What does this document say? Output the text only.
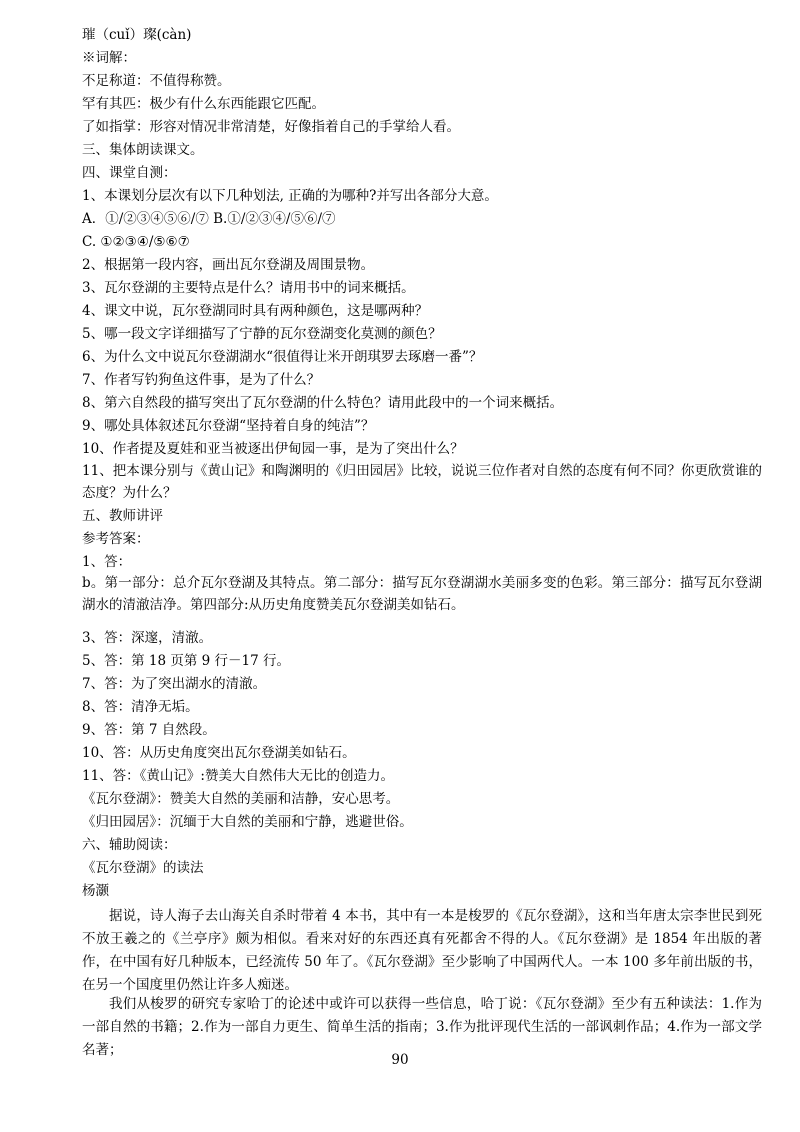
璀（cuǐ）璨(càn)
※词解：
不足称道：不值得称赞。
罕有其匹：极少有什么东西能跟它匹配。
了如指掌：形容对情况非常清楚，好像指着自己的手掌给人看。
三、集体朗读课文。
四、课堂自测：
1、本课划分层次有以下几种划法, 正确的为哪种?并写出各部分大意。
A．①/②③④⑤⑥/⑦ B.①/②③④/⑤⑥/⑦
C. ①②③④/⑤⑥⑦
2、根据第一段内容，画出瓦尔登湖及周围景物。
3、瓦尔登湖的主要特点是什么？请用书中的词来概括。
4、课文中说，瓦尔登湖同时具有两种颜色，这是哪两种？
5、哪一段文字详细描写了宁静的瓦尔登湖变化莫测的颜色？
6、为什么文中说瓦尔登湖湖水“很值得让米开朗琪罗去琢磨一番”？
7、作者写钓狗鱼这件事，是为了什么？
8、第六自然段的描写突出了瓦尔登湖的什么特色？请用此段中的一个词来概括。
9、哪处具体叙述瓦尔登湖“坚持着自身的纯洁”？
10、作者提及夏娃和亚当被逐出伊甸园一事，是为了突出什么？
11、把本课分别与《黄山记》和陶渊明的《归田园居》比较，说说三位作者对自然的态度有何不同？你更欣赏谁的态度？为什么？
五、教师讲评
参考答案：
1、答：
b。第一部分：总介瓦尔登湖及其特点。第二部分：描写瓦尔登湖湖水美丽多变的色彩。第三部分：描写瓦尔登湖湖水的清澈洁净。第四部分:从历史角度赞美瓦尔登湖美如钻石。
3、答：深邃，清澈。
5、答：第 18 页第 9 行－17 行。
7、答：为了突出湖水的清澈。
8、答：清净无垢。
9、答：第 7 自然段。
10、答：从历史角度突出瓦尔登湖美如钻石。
11、答：《黄山记》:赞美大自然伟大无比的创造力。
《瓦尔登湖》：赞美大自然的美丽和洁静，安心思考。
《归田园居》：沉缅于大自然的美丽和宁静，逃避世俗。
六、辅助阅读：
《瓦尔登湖》的读法
杨灏
据说，诗人海子去山海关自杀时带着 4 本书，其中有一本是梭罗的《瓦尔登湖》，这和当年唐太宗李世民到死不放王羲之的《兰亭序》颇为相似。看来对好的东西还真有死都舍不得的人。《瓦尔登湖》是 1854 年出版的著作，在中国有好几种版本，已经流传 50 年了。《瓦尔登湖》至少影响了中国两代人。一本 100 多年前出版的书，在另一个国度里仍然让许多人痴迷。
我们从梭罗的研究专家哈丁的论述中或许可以获得一些信息，哈丁说：《瓦尔登湖》至少有五种读法：1.作为一部自然的书籍；2.作为一部自力更生、简单生活的指南；3.作为批评现代生活的一部讽刺作品；4.作为一部文学名著；
90
